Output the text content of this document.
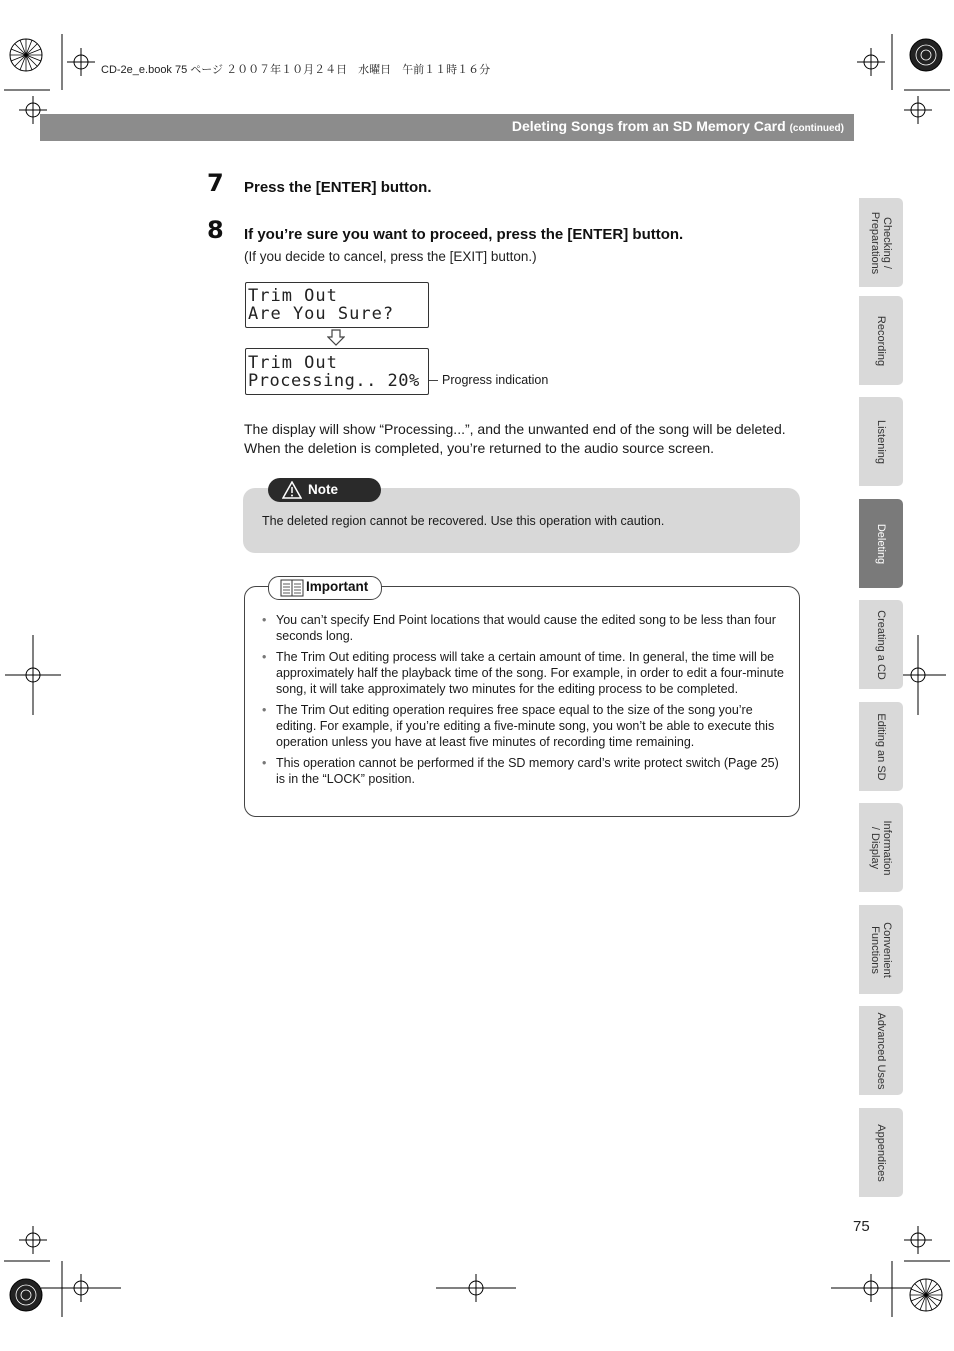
CD-2e_e.book 75 ページ ２００７年１０月２４日　水曜日　午前１１時１６分
Deleting Songs from an SD Memory Card (continued)
7 Press the [ENTER] button.
8 If you’re sure you want to proceed, press the [ENTER] button.
(If you decide to cancel, press the [EXIT] button.)
Trim Out
Are You Sure?
Trim Out
Processing.. 20% Progress indication
The display will show “Processing...”, and the unwanted end of the song will be deleted.
When the deletion is completed, you’re returned to the audio source screen.
Note
The deleted region cannot be recovered. Use this operation with caution.
Important
• You can’t specify End Point locations that would cause the edited song to be less than four seconds long.
• The Trim Out editing process will take a certain amount of time. In general, the time will be approximately half the playback time of the song. For example, in order to edit a four-minute song, it will take approximately two minutes for the editing process to be completed.
• The Trim Out editing operation requires free space equal to the size of the song you’re editing. For example, if you’re editing a five-minute song, you won’t be able to execute this operation unless you have at least five minutes of recording time remaining.
• This operation cannot be performed if the SD memory card’s write protect switch (Page 25) is in the “LOCK” position.
Checking /
Preparations
Recording
Listening
Deleting
Creating a CD
Editing an SD
Information
/ Display
Convenient
Functions
Advanced Uses
Appendices
75
